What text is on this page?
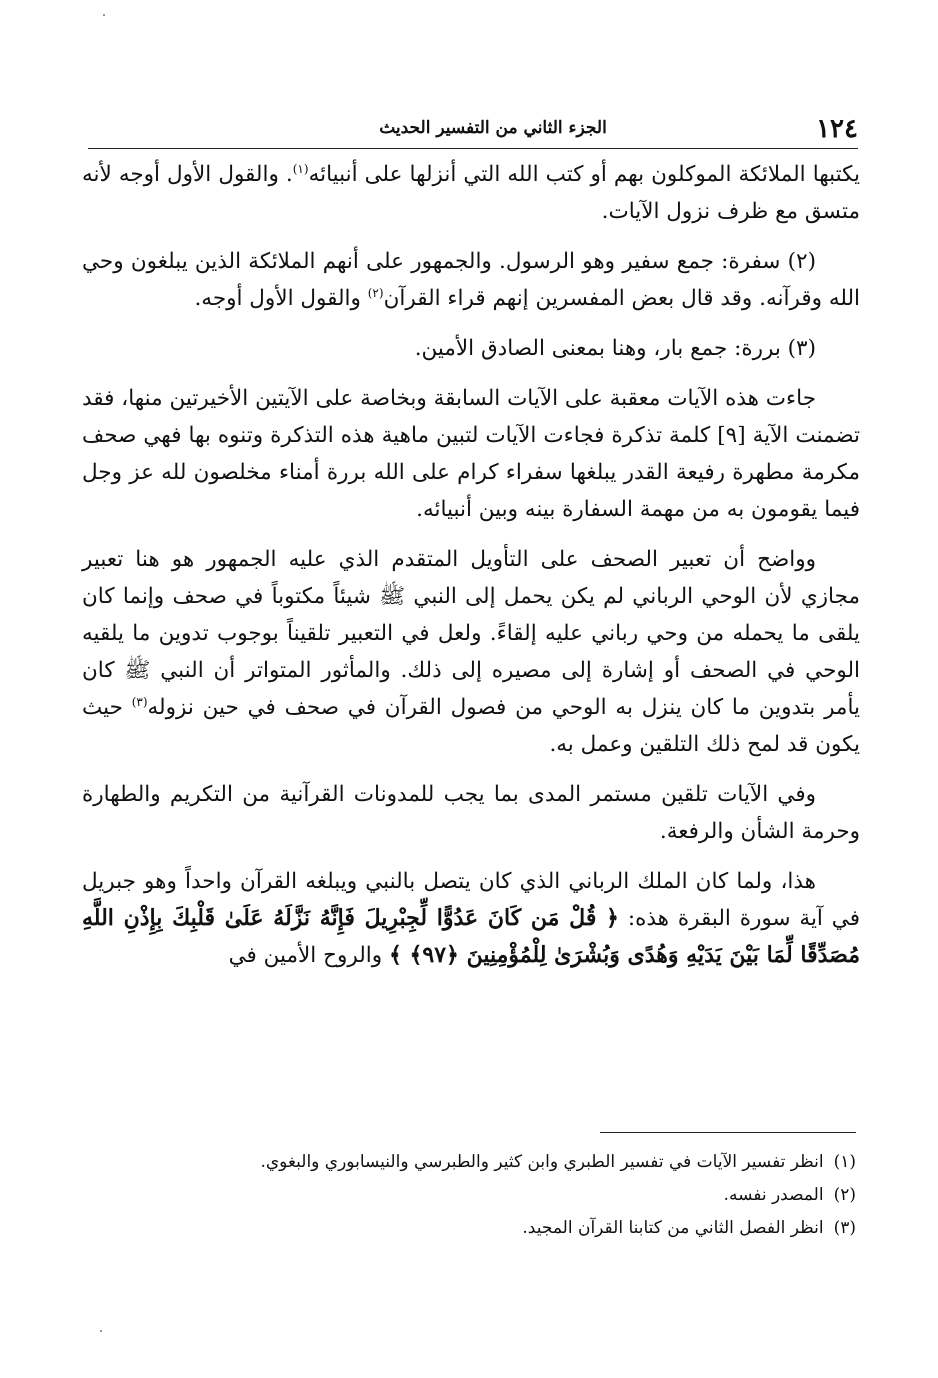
١٢٤
الجزء الثاني من التفسير الحديث

يكتبها الملائكة الموكلون بهم أو كتب الله التي أنزلها على أنبيائه$^{(١)}$. والقول الأول أوجه لأنه متسق مع ظرف نزول الآيات.

(٢) سفرة: جمع سفير وهو الرسول. والجمهور على أنهم الملائكة الذين يبلغون وحي الله وقرآنه. وقد قال بعض المفسرين إنهم قراء القرآن$^{(٢)}$ والقول الأول أوجه.

(٣) بررة: جمع بار، وهنا بمعنى الصادق الأمين.

جاءت هذه الآيات معقبة على الآيات السابقة وبخاصة على الآيتين الأخيرتين منها، فقد تضمنت الآية [٩] كلمة تذكرة فجاءت الآيات لتبين ماهية هذه التذكرة وتنوه بها فهي صحف مكرمة مطهرة رفيعة القدر يبلغها سفراء كرام على الله بررة أمناء مخلصون لله عز وجل فيما يقومون به من مهمة السفارة بينه وبين أنبيائه.

وواضح أن تعبير الصحف على التأويل المتقدم الذي عليه الجمهور هو هنا تعبير مجازي لأن الوحي الرباني لم يكن يحمل إلى النبي ﷺ شيئاً مكتوباً في صحف وإنما كان يلقى ما يحمله من وحي رباني عليه إلقاءً. ولعل في التعبير تلقيناً بوجوب تدوين ما يلقيه الوحي في الصحف أو إشارة إلى مصيره إلى ذلك. والمأثور المتواتر أن النبي ﷺ كان يأمر بتدوين ما كان ينزل به الوحي من فصول القرآن في صحف في حين نزوله$^{(٣)}$ حيث يكون قد لمح ذلك التلقين وعمل به.

وفي الآيات تلقين مستمر المدى بما يجب للمدونات القرآنية من التكريم والطهارة وحرمة الشأن والرفعة.

هذا، ولما كان الملك الرباني الذي كان يتصل بالنبي ويبلغه القرآن واحداً وهو جبريل في آية سورة البقرة هذه: ﴿ قُلْ مَن كَانَ عَدُوًّا لِّجِبْرِيلَ فَإِنَّهُ نَزَّلَهُ عَلَىٰ قَلْبِكَ بِإِذْنِ اللَّهِ مُصَدِّقًا لِّمَا بَيْنَ يَدَيْهِ وَهُدًى وَبُشْرَىٰ لِلْمُؤْمِنِينَ ﴿٩٧﴾ ﴾ والروح الأمين في

(١)انظر تفسير الآيات في تفسير الطبري وابن كثير والطبرسي والنيسابوري والبغوي.
(٢)المصدر نفسه.
(٣)انظر الفصل الثاني من كتابنا القرآن المجيد.
